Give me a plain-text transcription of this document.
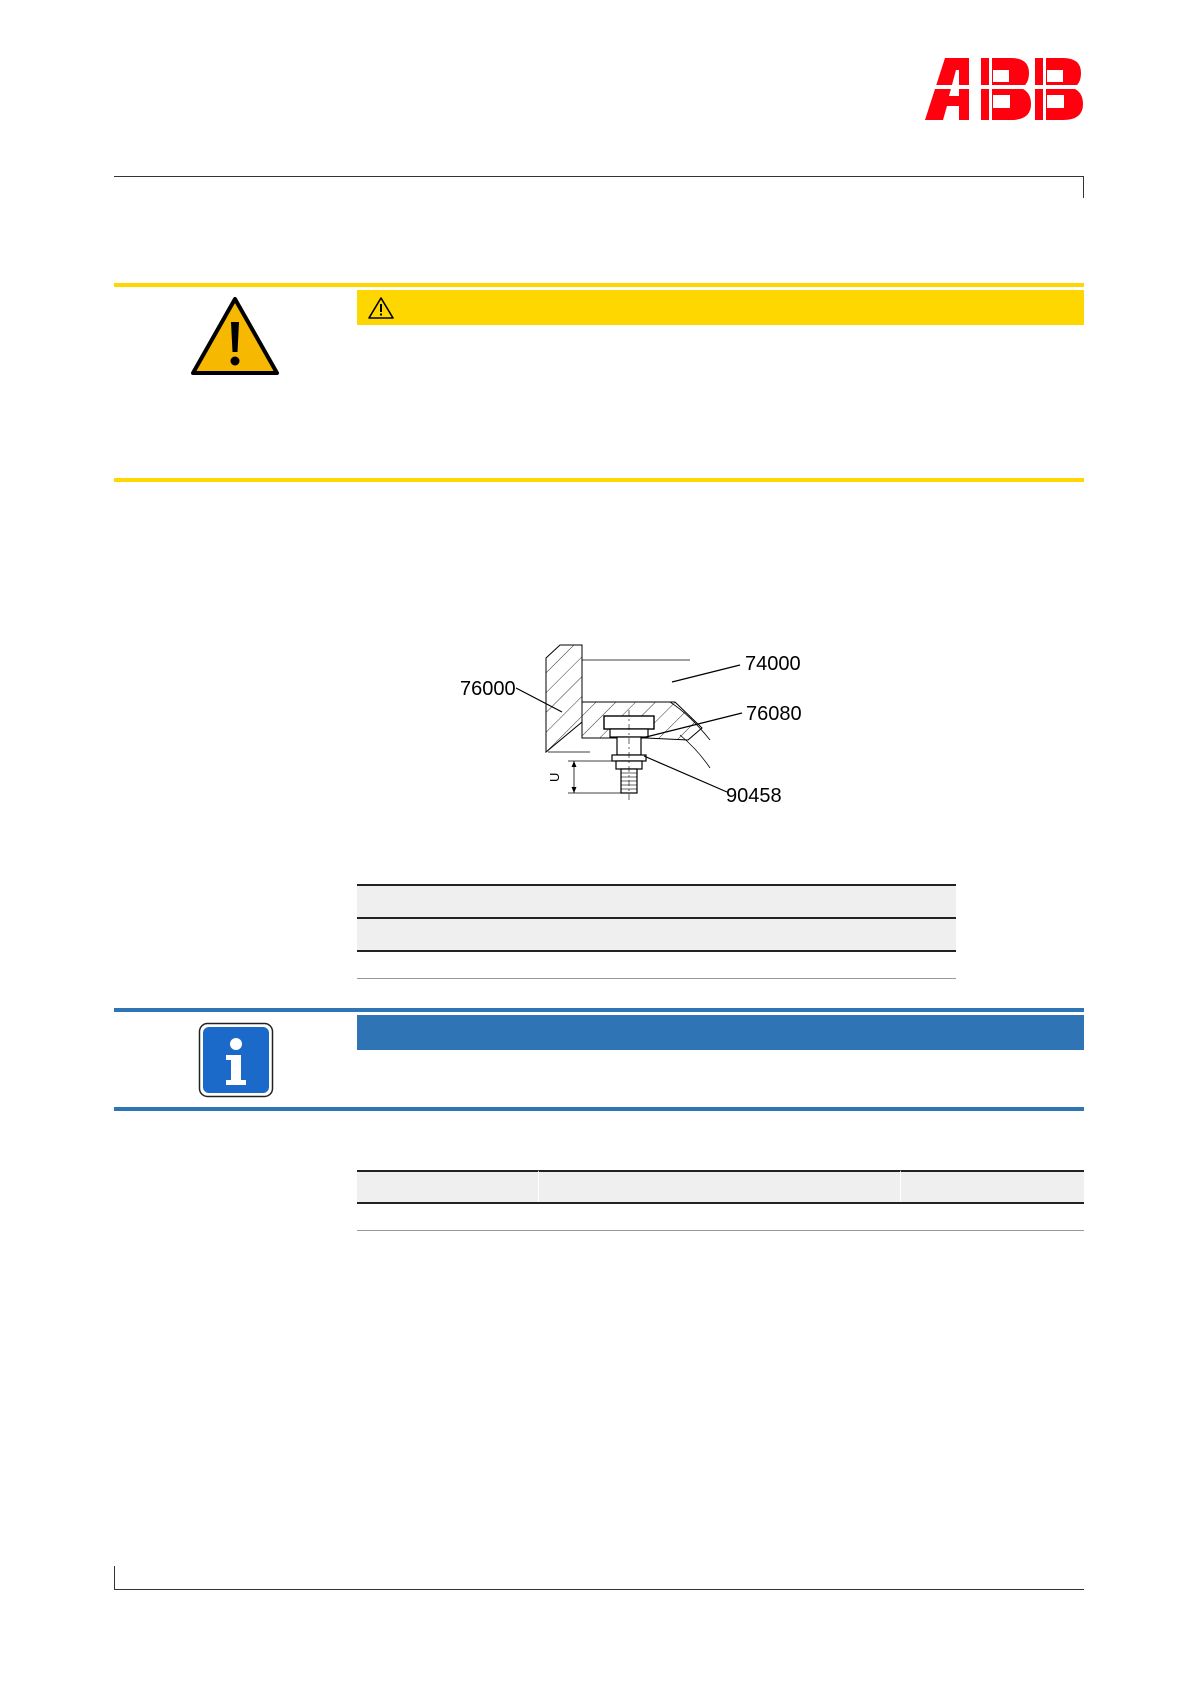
U
76000
74000
76080
90458
